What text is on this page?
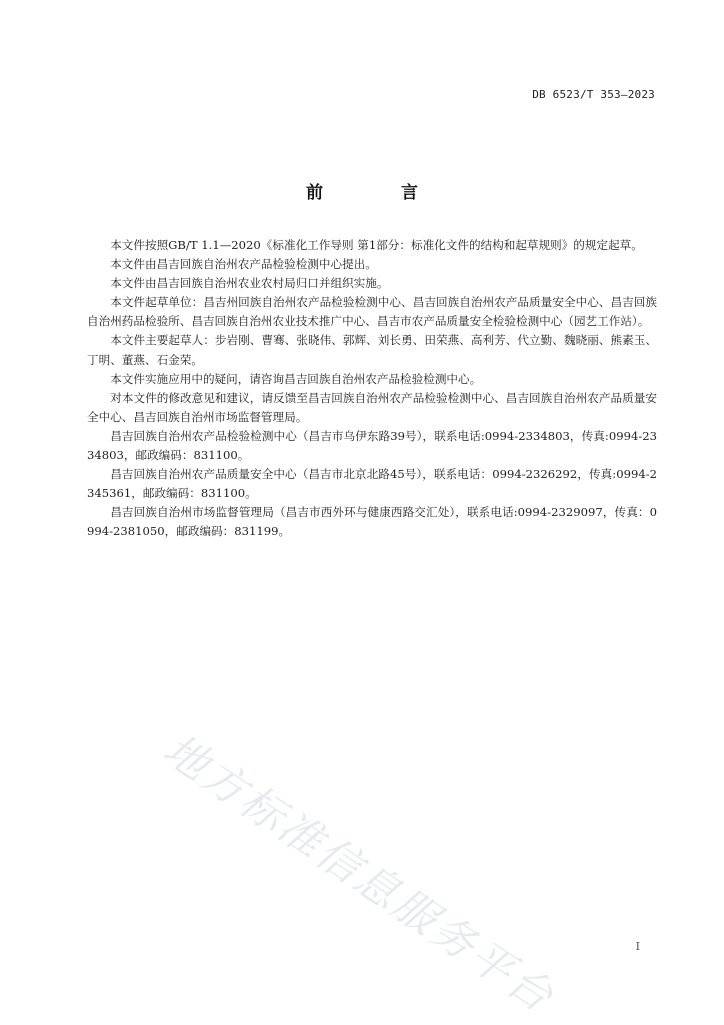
DB 6523/T 353—2023
前 言

本文件按照GB/T 1.1—2020《标准化工作导则 第1部分：标准化文件的结构和起草规则》的规定起草。

本文件由昌吉回族自治州农产品检验检测中心提出。

本文件由昌吉回族自治州农业农村局归口并组织实施。

本文件起草单位：昌吉州回族自治州农产品检验检测中心、昌吉回族自治州农产品质量安全中心、昌吉回族自治州药品检验所、昌吉回族自治州农业技术推广中心、昌吉市农产品质量安全检验检测中心（园艺工作站）。

本文件主要起草人：步岩刚、曹骞、张晓伟、郭辉、刘长勇、田荣燕、高利芳、代立勤、魏晓丽、熊素玉、丁明、董燕、石金荣。

本文件实施应用中的疑问，请咨询昌吉回族自治州农产品检验检测中心。

对本文件的修改意见和建议，请反馈至昌吉回族自治州农产品检验检测中心、昌吉回族自治州农产品质量安全中心、昌吉回族自治州市场监督管理局。

昌吉回族自治州农产品检验检测中心（昌吉市乌伊东路39号），联系电话:0994-2334803，传真:0994-2334803，邮政编码：831100。

昌吉回族自治州农产品质量安全中心（昌吉市北京北路45号），联系电话：0994-2326292，传真:0994-2345361，邮政编码：831100。

昌吉回族自治州市场监督管理局（昌吉市西外环与健康西路交汇处），联系电话:0994-2329097，传真：0994-2381050，邮政编码：831199。

地方标准信息服务平台	I
